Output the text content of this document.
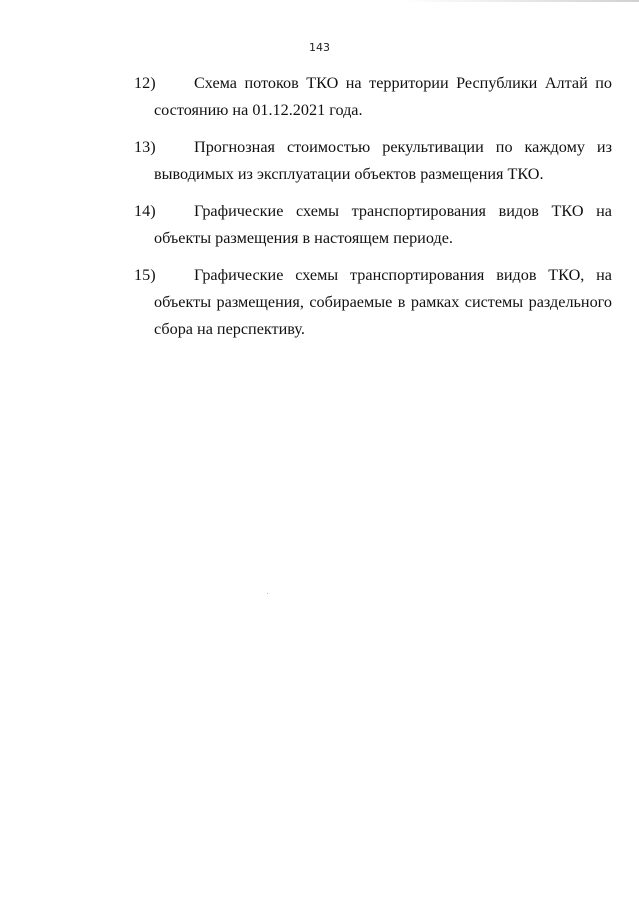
143
12) Схема потоков ТКО на территории Республики Алтай по состоянию на 01.12.2021 года.
13) Прогнозная стоимостью рекультивации по каждому из выводимых из эксплуатации объектов размещения ТКО.
14) Графические схемы транспортирования видов ТКО на объекты размещения в настоящем периоде.
15) Графические схемы транспортирования видов ТКО, на объекты размещения, собираемые в рамках системы раздельного сбора на перспективу.
